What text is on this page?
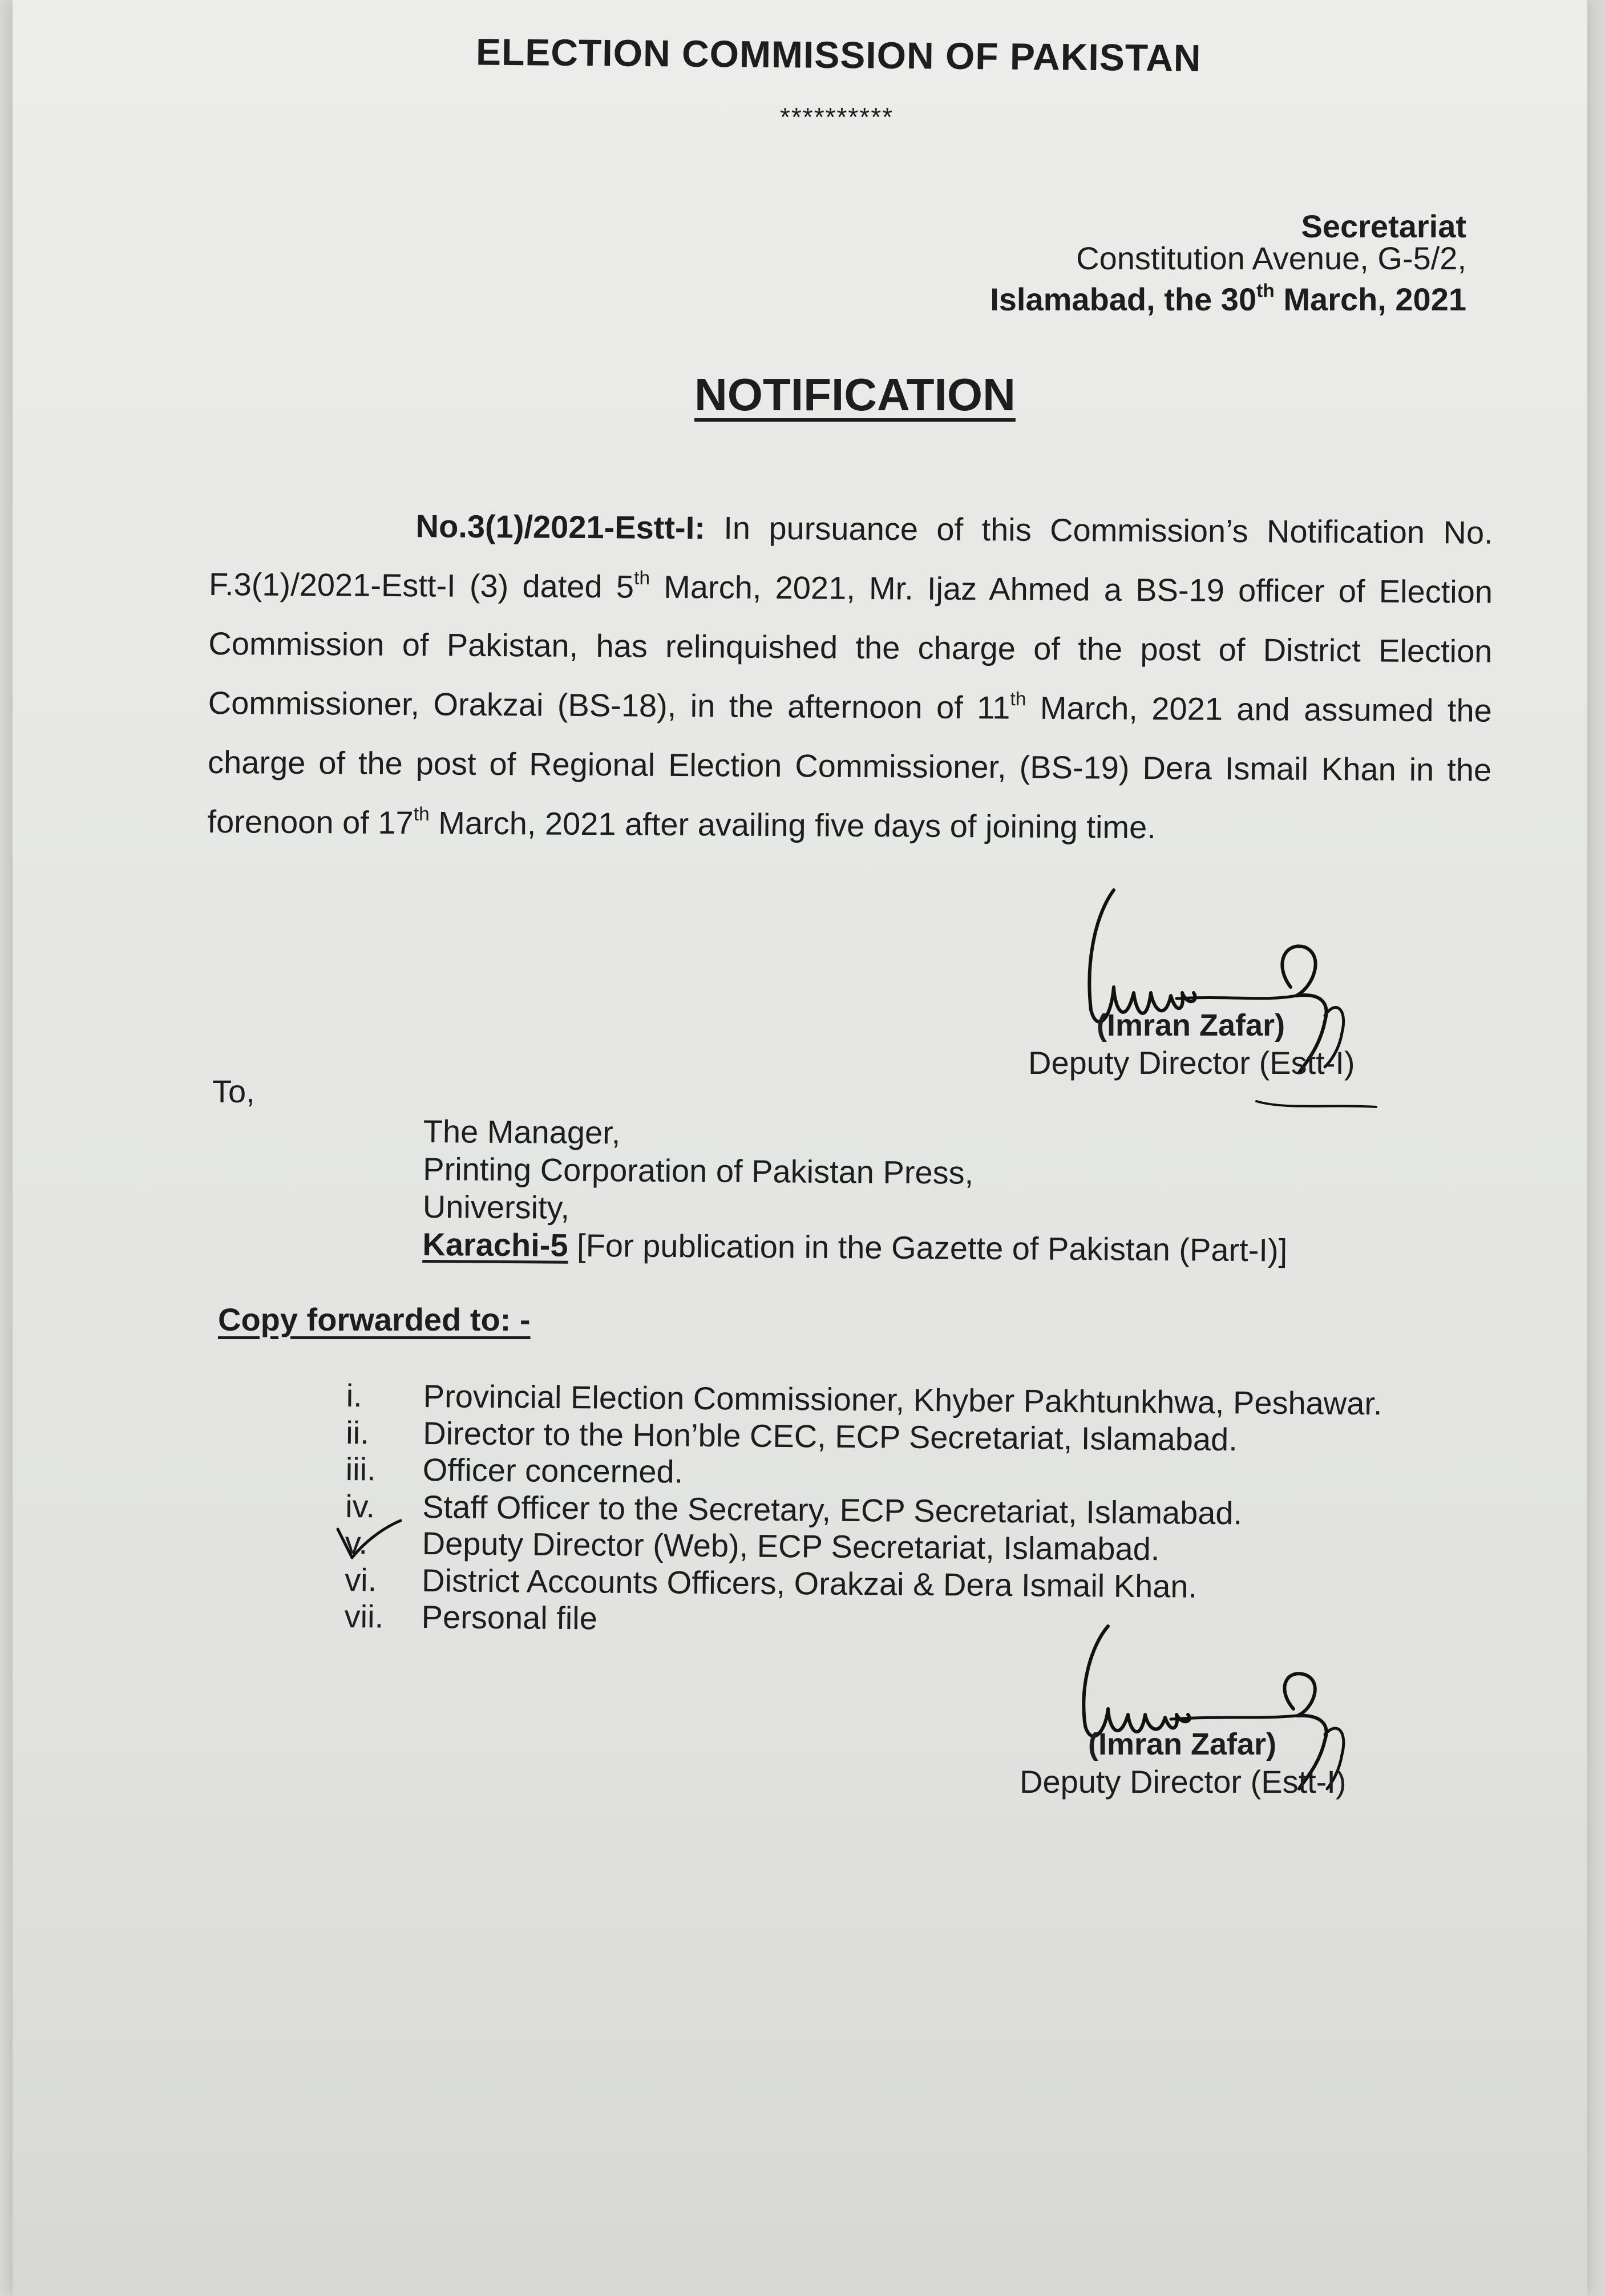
ELECTION COMMISSION OF PAKISTAN
**********
Secretariat
Constitution Avenue, G-5/2,
Islamabad, the 30th March, 2021
NOTIFICATION
No.3(1)/2021-Estt-I: In pursuance of this Commission’s Notification No. F.3(1)/2021-Estt-I (3) dated 5th March, 2021, Mr. Ijaz Ahmed a BS-19 officer of Election Commission of Pakistan, has relinquished the charge of the post of District Election Commissioner, Orakzai (BS-18), in the afternoon of 11th March, 2021 and assumed the charge of the post of Regional Election Commissioner, (BS-19) Dera Ismail Khan in the forenoon of 17th March, 2021 after availing five days of joining time.
(Imran Zafar)
Deputy Director (Estt-I)
To,
The Manager,
Printing Corporation of Pakistan Press,
University,
Karachi-5 [For publication in the Gazette of Pakistan (Part-I)]
Copy forwarded to: -
i.	Provincial Election Commissioner, Khyber Pakhtunkhwa, Peshawar.
ii.	Director to the Hon’ble CEC, ECP Secretariat, Islamabad.
iii.	Officer concerned.
iv.	Staff Officer to the Secretary, ECP Secretariat, Islamabad.
v.	Deputy Director (Web), ECP Secretariat, Islamabad.
vi.	District Accounts Officers, Orakzai & Dera Ismail Khan.
vii.	Personal file
(Imran Zafar)
Deputy Director (Estt-I)
